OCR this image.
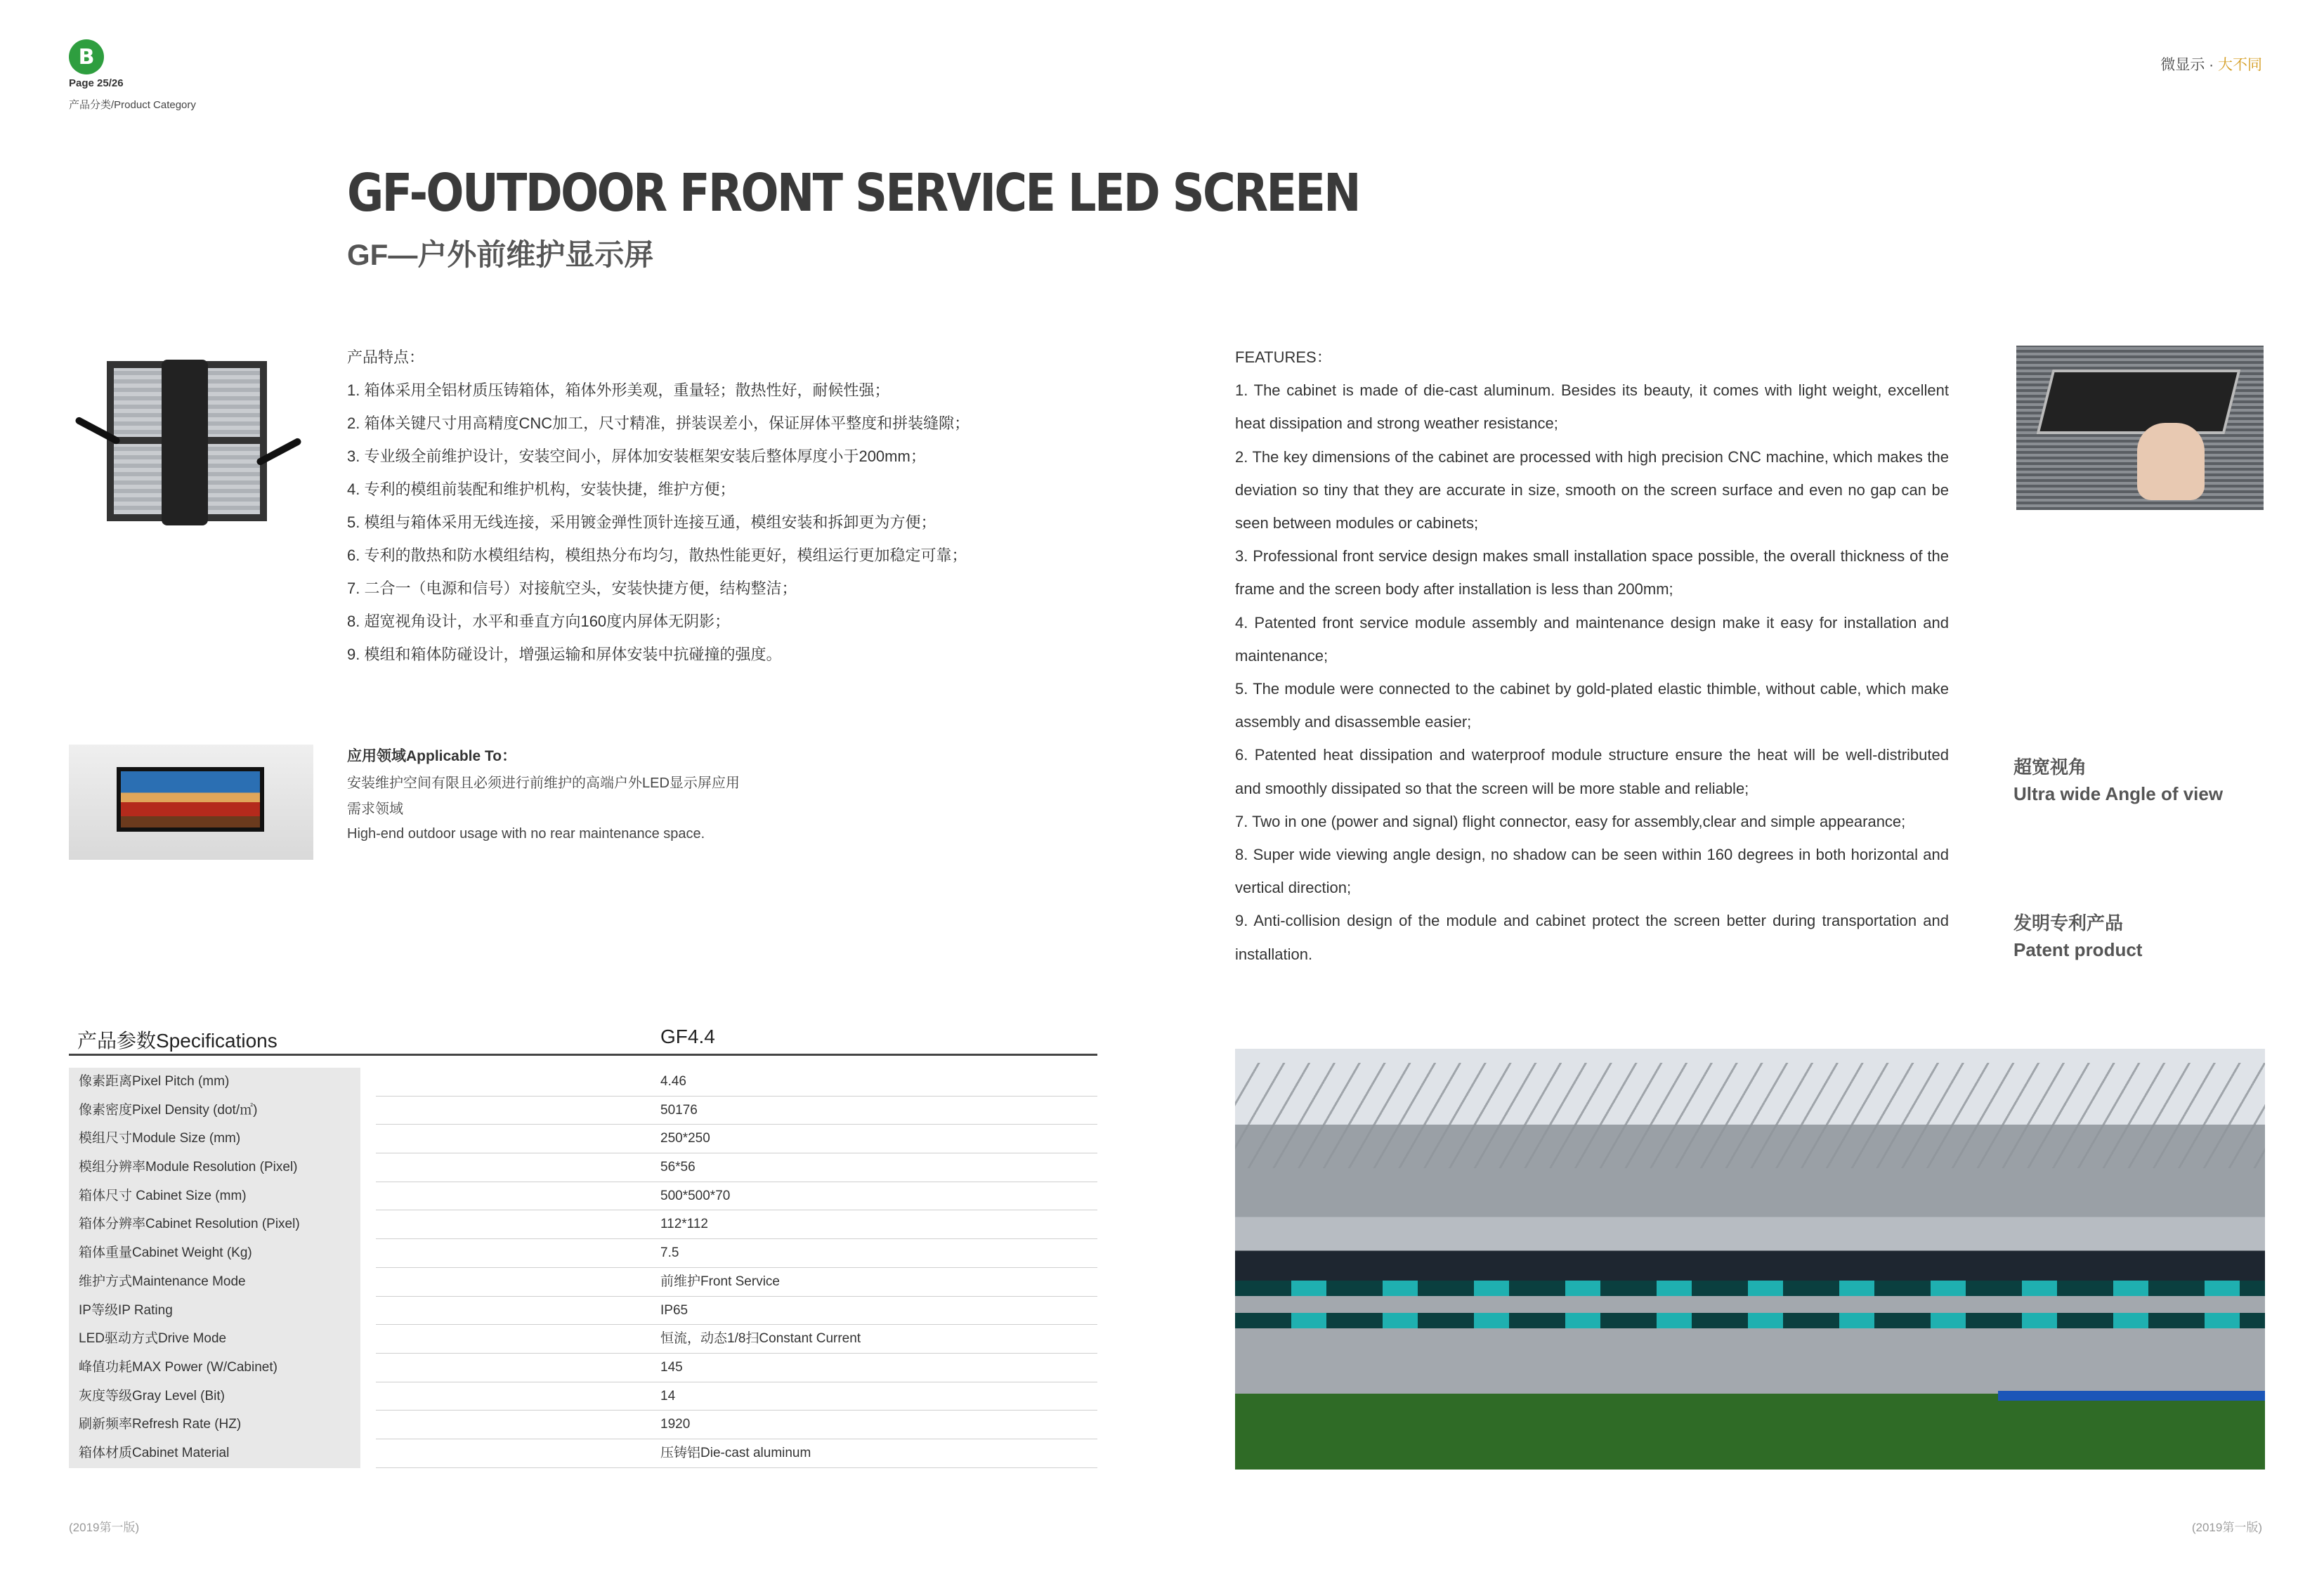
B
Page 25/26
产品分类/Product Category
微显示 · 大不同
GF-OUTDOOR FRONT SERVICE LED SCREEN
GF—户外前维护显示屏

产品特点：

1. 箱体采用全铝材质压铸箱体，箱体外形美观，重量轻；散热性好，耐候性强；

2. 箱体关键尺寸用高精度CNC加工，尺寸精准，拼装误差小，保证屏体平整度和拼装缝隙；

3. 专业级全前维护设计，安装空间小，屏体加安装框架安装后整体厚度小于200mm；

4. 专利的模组前装配和维护机构，安装快捷，维护方便；

5. 模组与箱体采用无线连接，采用镀金弹性顶针连接互通，模组安装和拆卸更为方便；

6. 专利的散热和防水模组结构，模组热分布均匀，散热性能更好，模组运行更加稳定可靠；

7. 二合一（电源和信号）对接航空头，安装快捷方便，结构整洁；

8. 超宽视角设计，水平和垂直方向160度内屏体无阴影；

9. 模组和箱体防碰设计，增强运输和屏体安装中抗碰撞的强度。

应用领域Applicable To：
安装维护空间有限且必须进行前维护的高端户外LED显示屏应用
需求领域
High-end outdoor usage with no rear maintenance space.

FEATURES：

1. The cabinet is made of die-cast aluminum. Besides its beauty, it comes with light weight, excellent heat dissipation and strong weather resistance;

2. The key dimensions of the cabinet are processed with high precision CNC machine, which makes the deviation so tiny that they are accurate in size, smooth on the screen surface and even no gap can be seen between modules or cabinets;

3. Professional front service design makes small installation space possible, the overall thickness of the frame and the screen body after installation is less than 200mm;

4. Patented front service module assembly and maintenance design make it easy for installation and maintenance;

5. The module were connected to the cabinet by gold-plated elastic thimble, without cable, which make assembly and disassemble easier;

6. Patented heat dissipation and waterproof module structure ensure the heat will be well-distributed and smoothly dissipated so that the screen will be more stable and reliable;

7. Two in one (power and signal) flight connector, easy for assembly,clear and simple appearance;

8. Super wide viewing angle design, no shadow can be seen within 160 degrees in both horizontal and vertical direction;

9. Anti-collision design of the module and cabinet protect the screen better during transportation and installation.

超宽视角
Ultra wide Angle of view
发明专利产品
Patent product
产品参数Specifications	GF4.4
像素距离Pixel Pitch (mm)	4.46
像素密度Pixel Density (dot/㎡)	50176
模组尺寸Module Size (mm)	250*250
模组分辨率Module Resolution (Pixel)	56*56
箱体尺寸 Cabinet Size (mm)	500*500*70
箱体分辨率Cabinet Resolution (Pixel)	112*112
箱体重量Cabinet Weight (Kg)	7.5
维护方式Maintenance Mode	前维护Front Service
IP等级IP Rating	IP65
LED驱动方式Drive Mode	恒流，动态1/8扫Constant Current
峰值功耗MAX Power (W/Cabinet)	145
灰度等级Gray Level (Bit)	14
刷新频率Refresh Rate (HZ)	1920
箱体材质Cabinet Material	压铸铝Die-cast aluminum
(2019第一版)	(2019第一版)
